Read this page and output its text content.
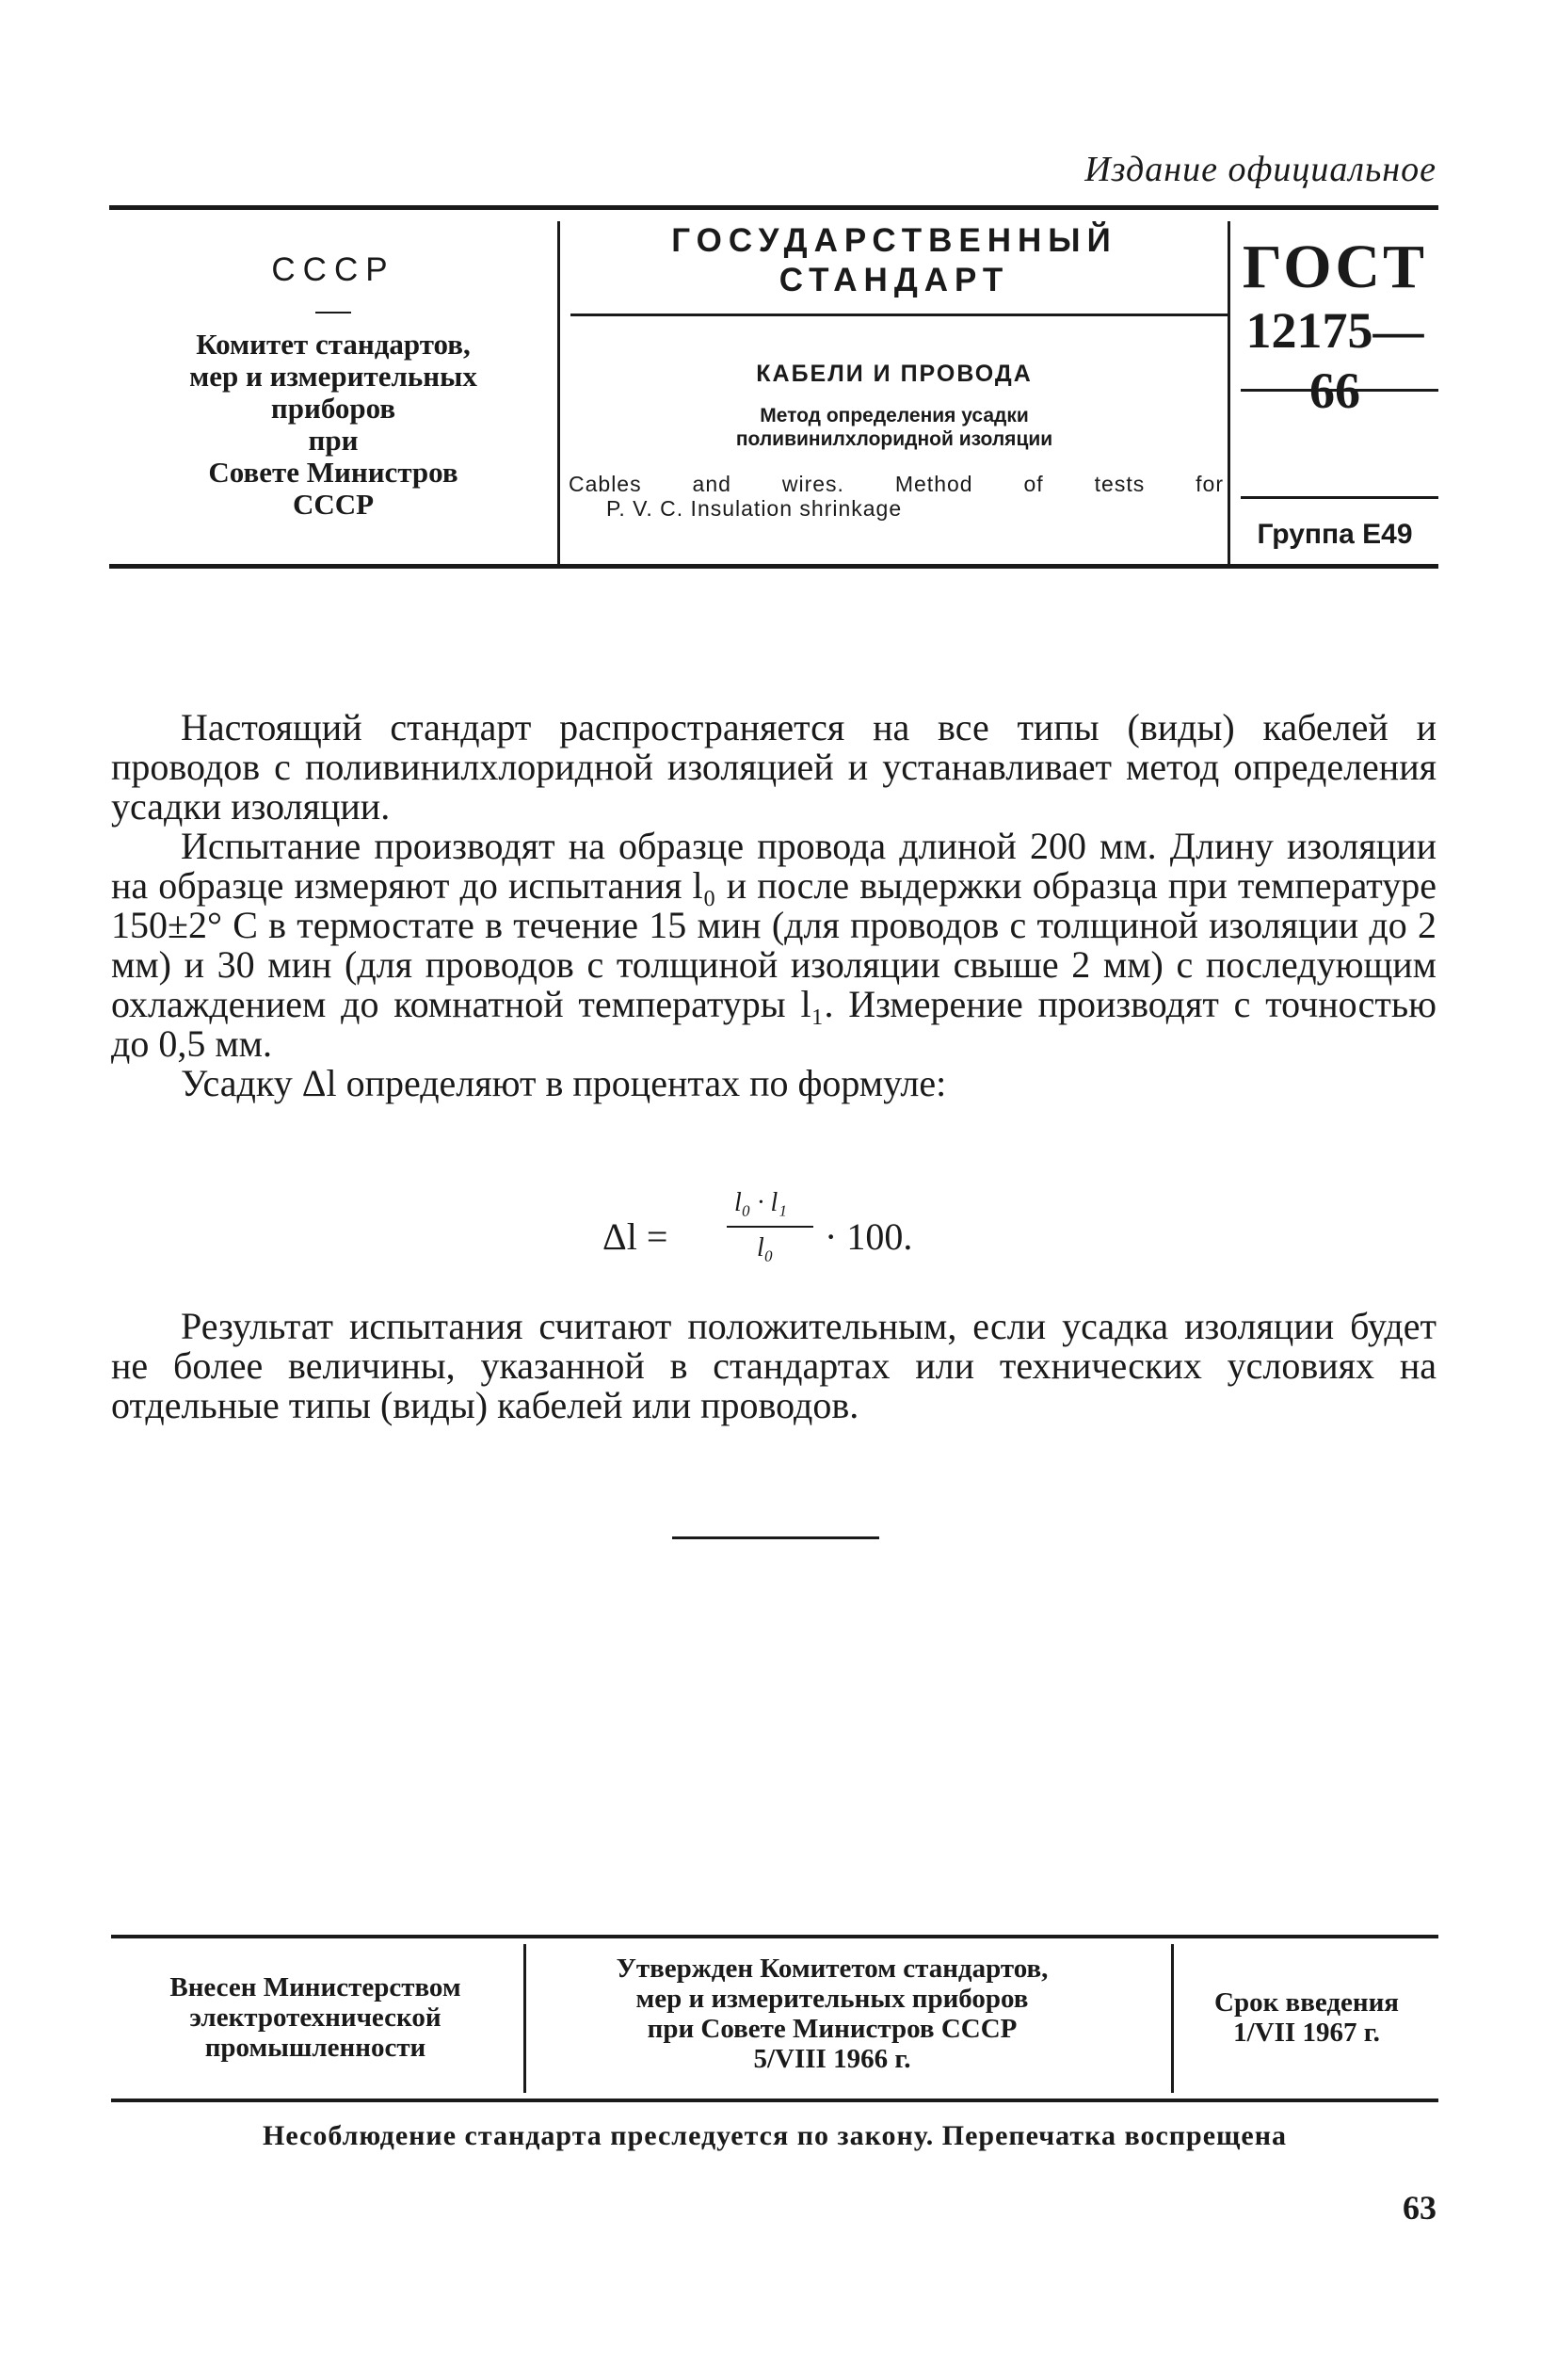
Издание официальное
СССР
Комитет стандартов,
мер и измерительных
приборов
при
Совете Министров
СССР
ГОСУДАРСТВЕННЫЙ
СТАНДАРТ
КАБЕЛИ И ПРОВОДА
Метод определения усадки
поливинилхлоридной изоляции
Cables and wires. Method of tests for
P. V. C. Insulation shrinkage
ГОСТ
12175—66
Группа Е49

Настоящий стандарт распространяется на все типы (виды) кабелей и проводов с поливинилхлоридной изоляцией и устанавливает метод определения усадки изоляции.

Испытание производят на образце провода длиной 200 мм. Длину изоляции на образце измеряют до испытания l₀ и после выдержки образца при температуре 150±2° С в термостате в течение 15 мин (для проводов с толщиной изоляции до 2 мм) и 30 мин (для проводов с толщиной изоляции свыше 2 мм) с последующим охлаждением до комнатной температуры l₁. Измерение производят с точностью до 0,5 мм.

Усадку Δl определяют в процентах по формуле:

Δl =
l₀ · l₁
l₀ · 100.

Результат испытания считают положительным, если усадка изоляции будет не более величины, указанной в стандартах или технических условиях на отдельные типы (виды) кабелей или проводов.

Внесен Министерством
электротехнической
промышленности
Утвержден Комитетом стандартов,
мер и измерительных приборов
при Совете Министров СССР
5/VIII 1966 г.
Срок введения
1/VII 1967 г.
Несоблюдение стандарта преследуется по закону. Перепечатка воспрещена
63
